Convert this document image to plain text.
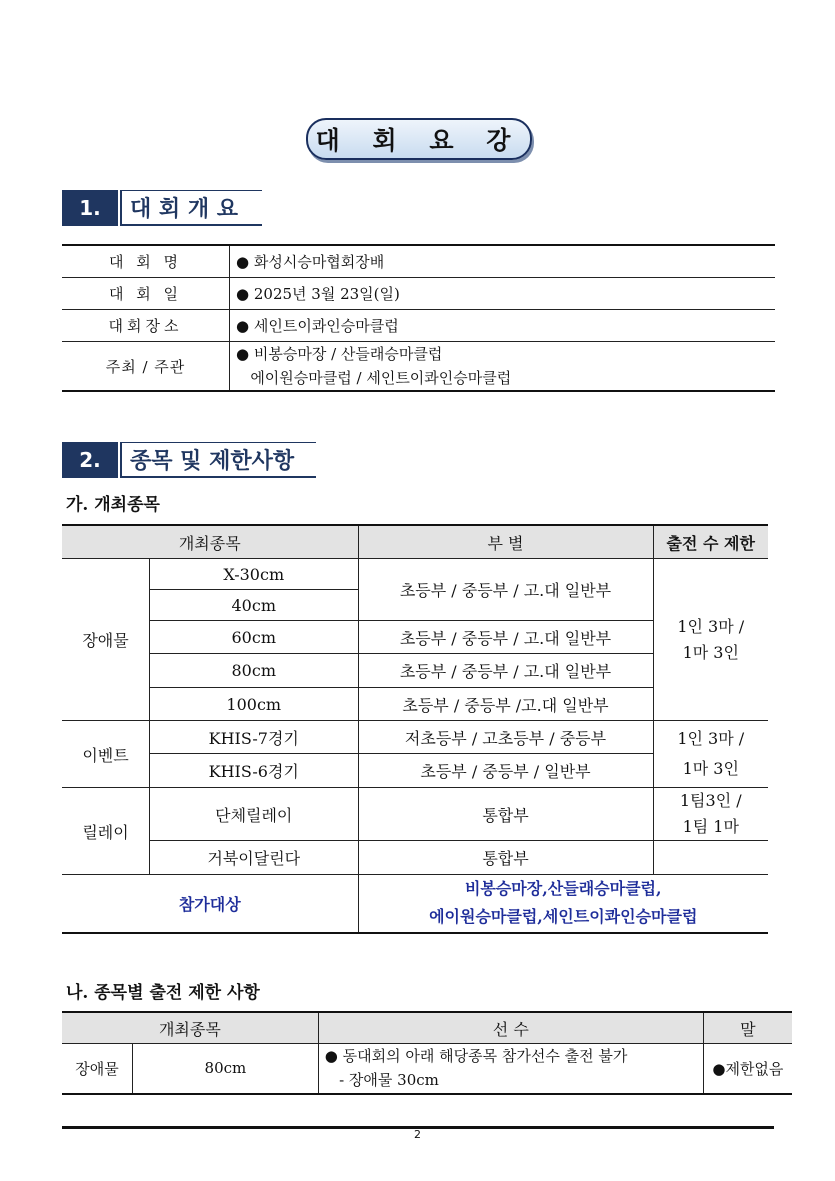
대 회 요 강
1.	대 회 개 요
대 회 명	● 화성시승마협회장배
대 회 일	● 2025년 3월 23일(일)
대회장소	● 세인트이콰인승마클럽
주최 / 주관	● 비봉승마장 / 산들래승마클럽
에이원승마클럽 / 세인트이콰인승마클럽
2.	종목 및 제한사항
가. 개최종목
개최종목		부 별	출전 수 제한
장애물	X-30cm	초등부 / 중등부 / 고.대 일반부	1인 3마 /
1마 3인
	40cm		
	60cm	초등부 / 중등부 / 고.대 일반부	
	80cm	초등부 / 중등부 / 고.대 일반부	
	100cm	초등부 / 중등부 /고.대 일반부	
이벤트	KHIS-7경기	저초등부 / 고초등부 / 중등부	1인 3마 /
1마 3인
	KHIS-6경기	초등부 / 중등부 / 일반부	
릴레이	단체릴레이	통합부	1팀3인 /
1팀 1마
	거북이달린다	통합부	
참가대상		비봉승마장,산들래승마클럽,
에이원승마클럽,세인트이콰인승마클럽	
나. 종목별 출전 제한 사항
개최종목		선 수	말
장애물	80cm	● 동대회의 아래 해당종목 참가선수 출전 불가
- 장애물 30cm	●제한없음
2
